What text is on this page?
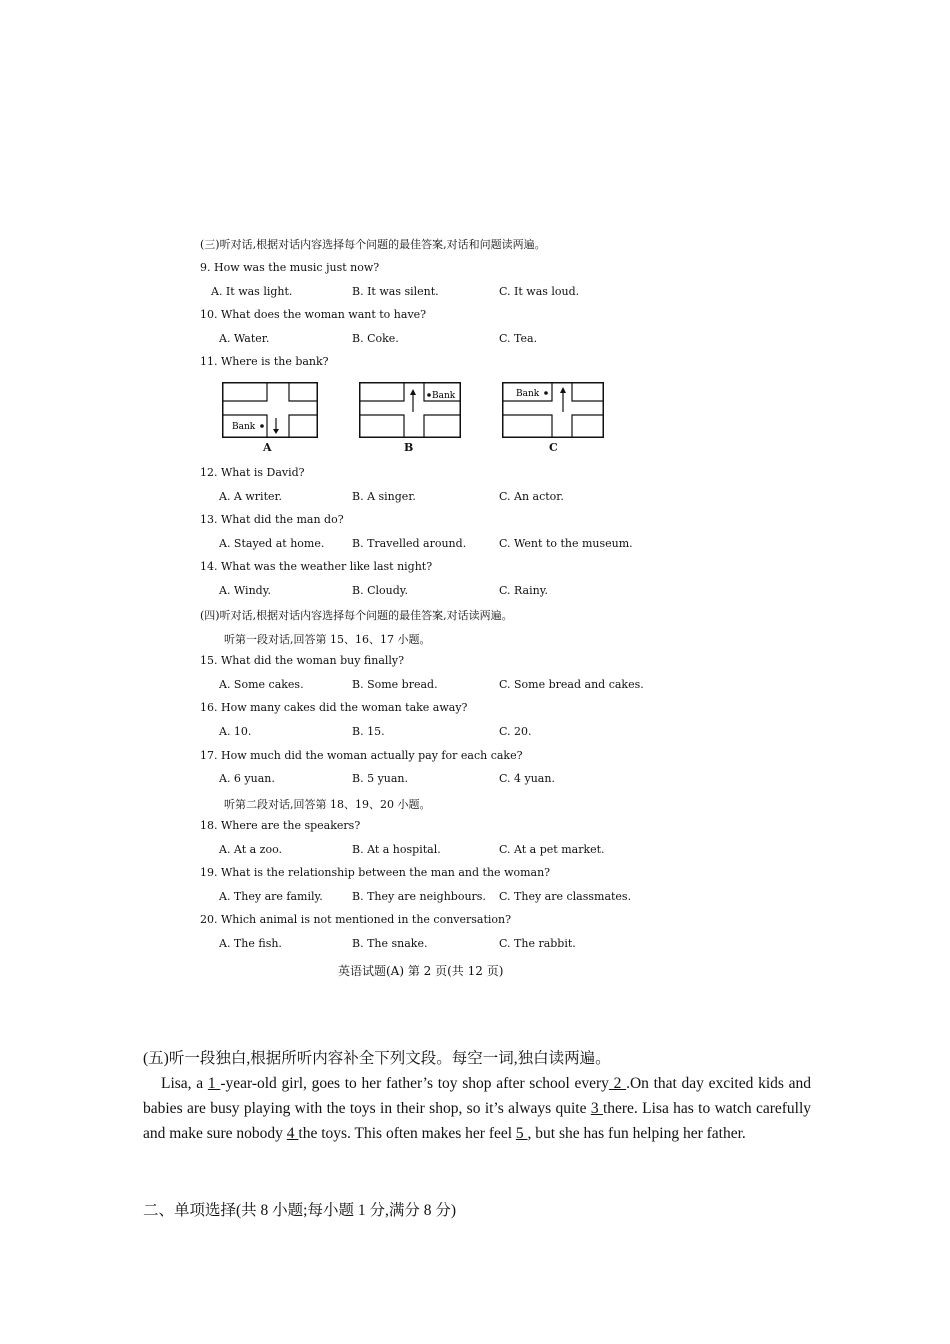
(三)听对话,根据对话内容选择每个问题的最佳答案,对话和问题读两遍。
9. How was the music just now?
A. It was light.	B. It was silent.	C. It was loud.
10. What does the woman want to have?
A. Water.	B. Coke.	C. Tea.
11. Where is the bank?
Bank
A
Bank
B
Bank
C
12. What is David?
A. A writer.	B. A singer.	C. An actor.
13. What did the man do?
A. Stayed at home.	B. Travelled around.	C. Went to the museum.
14. What was the weather like last night?
A. Windy.	B. Cloudy.	C. Rainy.
(四)听对话,根据对话内容选择每个问题的最佳答案,对话读两遍。
听第一段对话,回答第 15、16、17 小题。
15. What did the woman buy finally?
A. Some cakes.	B. Some bread.	C. Some bread and cakes.
16. How many cakes did the woman take away?
A. 10.	B. 15.	C. 20.
17. How much did the woman actually pay for each cake?
A. 6 yuan.	B. 5 yuan.	C. 4 yuan.
听第二段对话,回答第 18、19、20 小题。
18. Where are the speakers?
A. At a zoo.	B. At a hospital.	C. At a pet market.
19. What is the relationship between the man and the woman?
A. They are family.	B. They are neighbours. C. They are classmates.
20. Which animal is not mentioned in the conversation?
A. The fish.	B. The snake.	C. The rabbit.
英语试题(A) 第 2 页(共 12 页)
(五)听一段独白,根据所听内容补全下列文段。每空一词,独白读两遍。
Lisa, a 1 -year-old girl, goes to her father’s toy shop after school every 2 .On that day excited kids and babies are busy playing with the toys in their shop, so it’s always quite 3 there. Lisa has to watch carefully and make sure nobody 4 the toys. This often makes her feel 5 , but she has fun helping her father.
二、单项选择(共 8 小题;每小题 1 分,满分 8 分)
